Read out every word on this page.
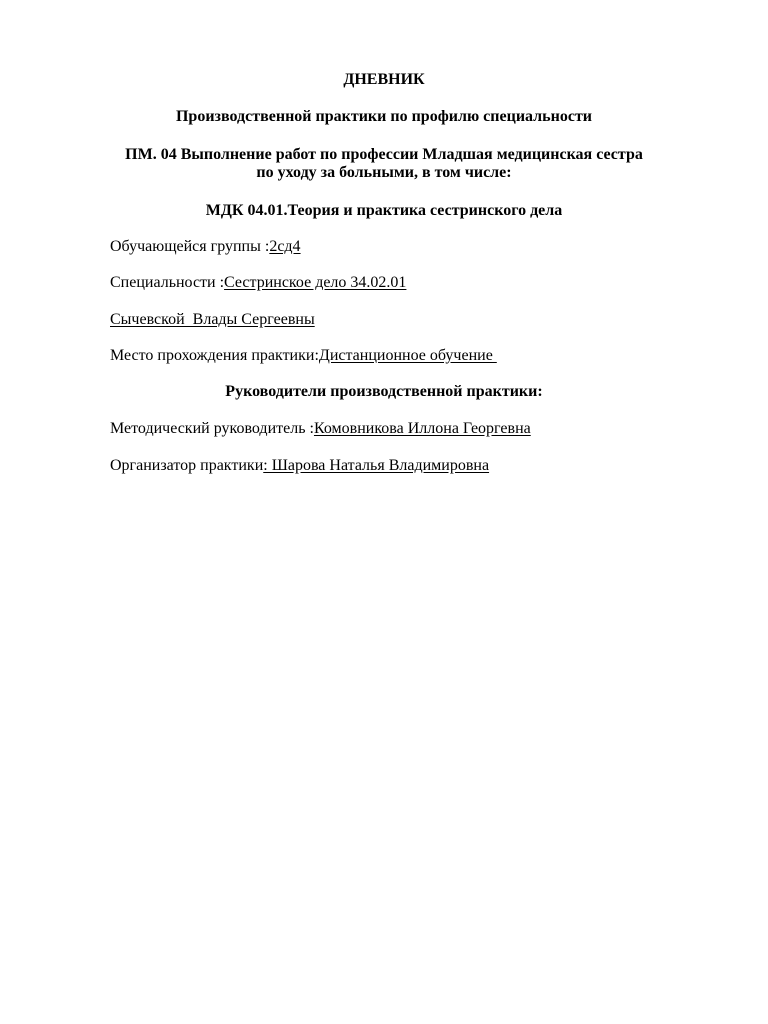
ДНЕВНИК
Производственной практики по профилю специальности
ПМ. 04 Выполнение работ по профессии Младшая медицинская сестра
по уходу за больными, в том числе:
МДК 04.01.Теория и практика сестринского дела
Обучающейся группы :2сд4
Специальности :Сестринское дело 34.02.01
Сычевской  Влады Сергеевны
Место прохождения практики:Дистанционное обучение
Руководители производственной практики:
Методический руководитель :Комовникова Иллона Георгевна
Организатор практики: Шарова Наталья Владимировна
